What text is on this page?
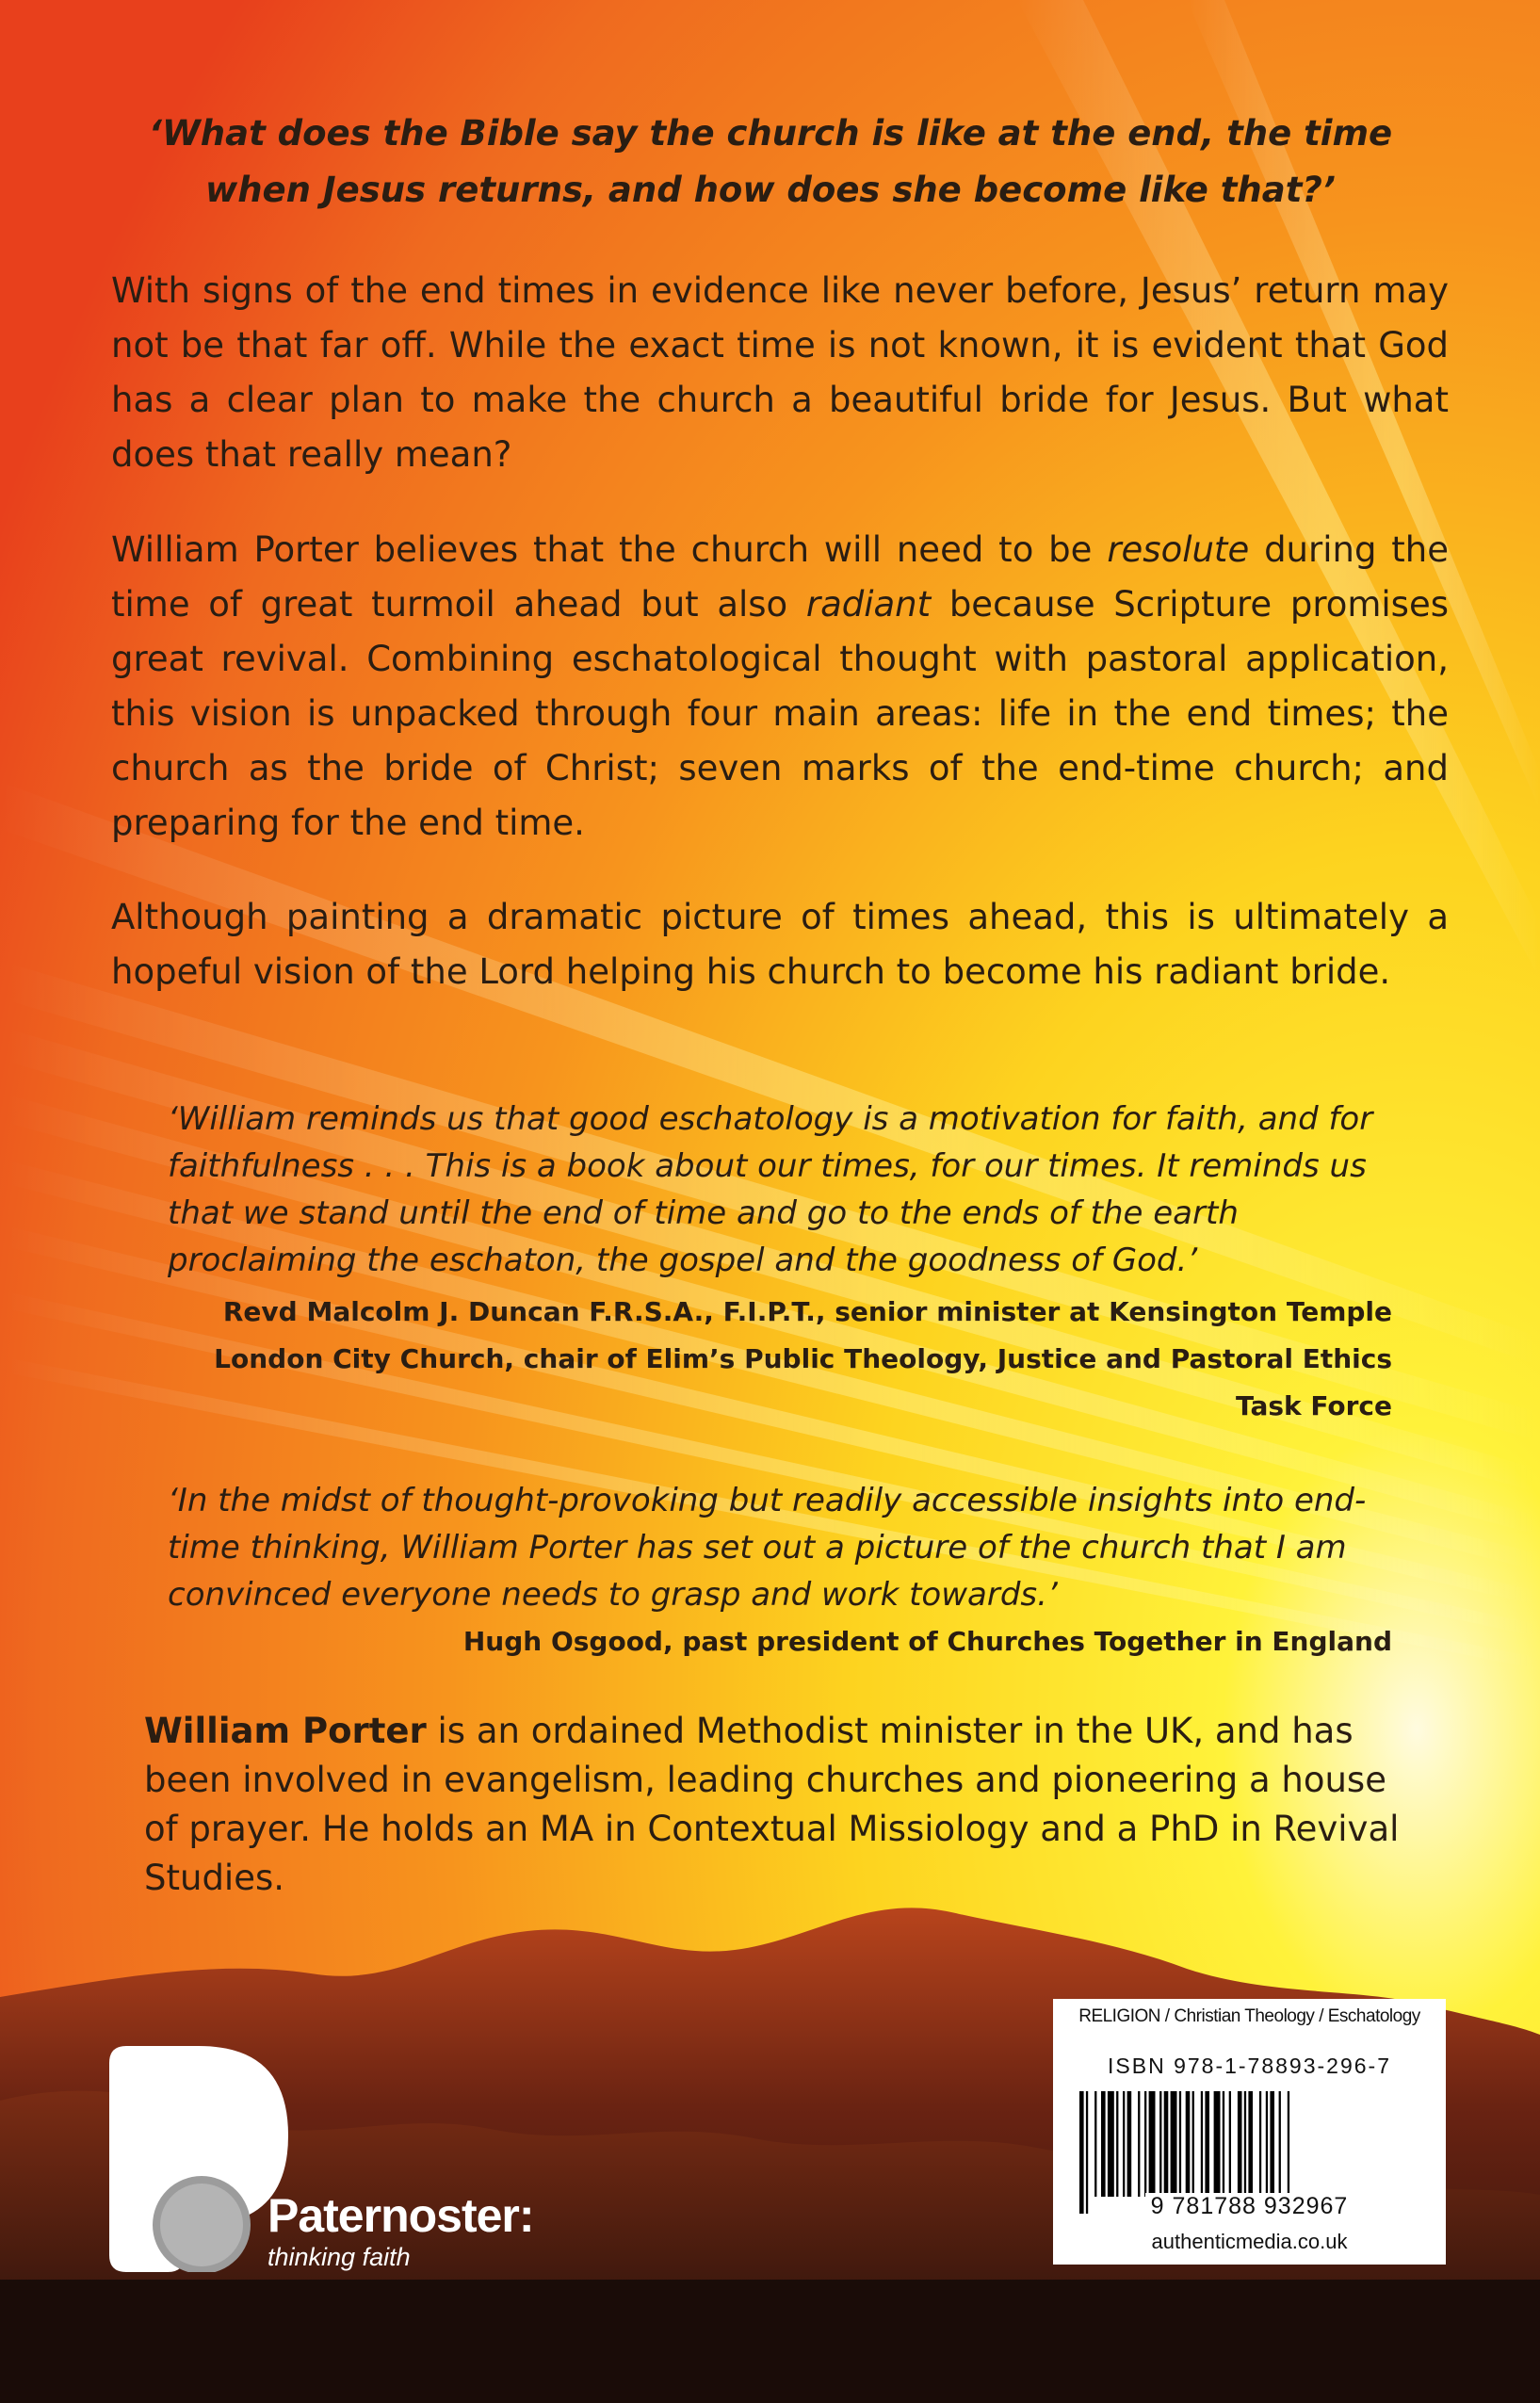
‘What does the Bible say the church is like at the end, the time when Jesus returns, and how does she become like that?’
With signs of the end times in evidence like never before, Jesus’ return may not be that far off. While the exact time is not known, it is evident that God has a clear plan to make the church a beautiful bride for Jesus. But what does that really mean?
William Porter believes that the church will need to be resolute during the time of great turmoil ahead but also radiant because Scripture promises great revival. Combining eschatological thought with pastoral application, this vision is unpacked through four main areas: life in the end times; the church as the bride of Christ; seven marks of the end-time church; and preparing for the end time.
Although painting a dramatic picture of times ahead, this is ultimately a hopeful vision of the Lord helping his church to become his radiant bride.
‘William reminds us that good eschatology is a motivation for faith, and for faithfulness . . . This is a book about our times, for our times. It reminds us that we stand until the end of time and go to the ends of the earth proclaiming the eschaton, the gospel and the goodness of God.’
Revd Malcolm J. Duncan F.R.S.A., F.I.P.T., senior minister at Kensington Temple
London City Church, chair of Elim’s Public Theology, Justice and Pastoral Ethics
Task Force
‘In the midst of thought-provoking but readily accessible insights into end-time thinking, William Porter has set out a picture of the church that I am convinced everyone needs to grasp and work towards.’
Hugh Osgood, past president of Churches Together in England
William Porter is an ordained Methodist minister in the UK, and has been involved in evangelism, leading churches and pioneering a house of prayer. He holds an MA in Contextual Missiology and a PhD in Revival Studies.
RELIGION / Christian Theology / Eschatology
ISBN 978-1-78893-296-7
9 781788 932967
authenticmedia.co.uk
Paternoster:
thinking faith
